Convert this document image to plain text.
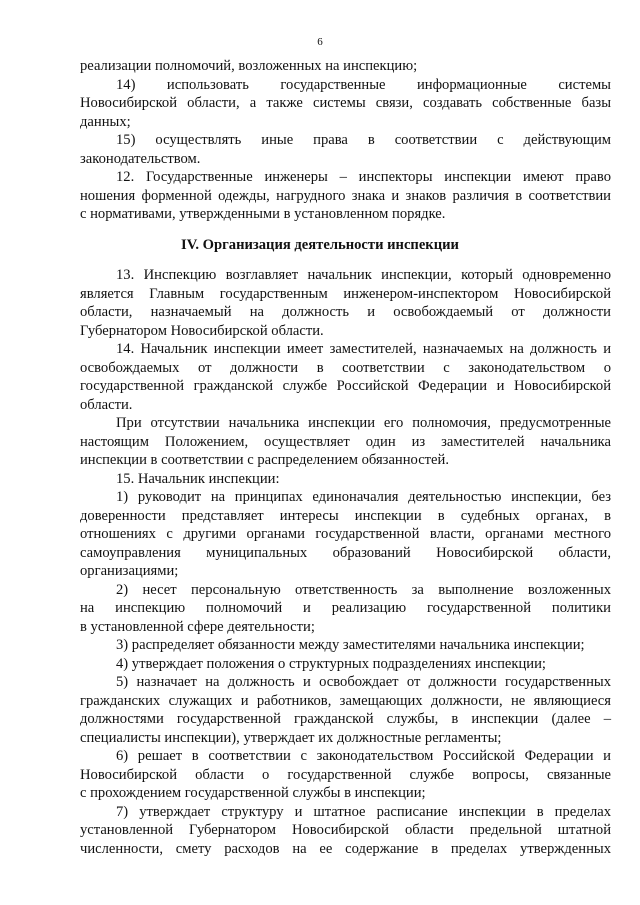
6

реализации полномочий, возложенных на инспекцию;

14) использовать государственные информационные системы
Новосибирской области, а также системы связи, создавать собственные базы
данных;

15) осуществлять иные права в соответствии с действующим
законодательством.

12. Государственные инженеры – инспекторы инспекции имеют право
ношения форменной одежды, нагрудного знака и знаков различия в соответствии
с нормативами, утвержденными в установленном порядке.

IV. Организация деятельности инспекции

13. Инспекцию возглавляет начальник инспекции, который одновременно
является Главным государственным инженером-инспектором Новосибирской
области, назначаемый на должность и освобождаемый от должности
Губернатором Новосибирской области.

14. Начальник инспекции имеет заместителей, назначаемых на должность и
освобождаемых от должности в соответствии с законодательством о
государственной гражданской службе Российской Федерации и Новосибирской
области.

При отсутствии начальника инспекции его полномочия, предусмотренные
настоящим Положением, осуществляет один из заместителей начальника
инспекции в соответствии с распределением обязанностей.

15. Начальник инспекции:

1) руководит на принципах единоначалия деятельностью инспекции, без
доверенности представляет интересы инспекции в судебных органах, в
отношениях с другими органами государственной власти, органами местного
самоуправления муниципальных образований Новосибирской области,
организациями;

2) несет персональную ответственность за выполнение возложенных
на инспекцию полномочий и реализацию государственной политики
в установленной сфере деятельности;

3) распределяет обязанности между заместителями начальника инспекции;

4) утверждает положения о структурных подразделениях инспекции;

5) назначает на должность и освобождает от должности государственных
гражданских служащих и работников, замещающих должности, не являющиеся
должностями государственной гражданской службы, в инспекции (далее –
специалисты инспекции), утверждает их должностные регламенты;

6) решает в соответствии с законодательством Российской Федерации и
Новосибирской области о государственной службе вопросы, связанные
с прохождением государственной службы в инспекции;

7) утверждает структуру и штатное расписание инспекции в пределах
установленной Губернатором Новосибирской области предельной штатной
численности, смету расходов на ее содержание в пределах утвержденных
